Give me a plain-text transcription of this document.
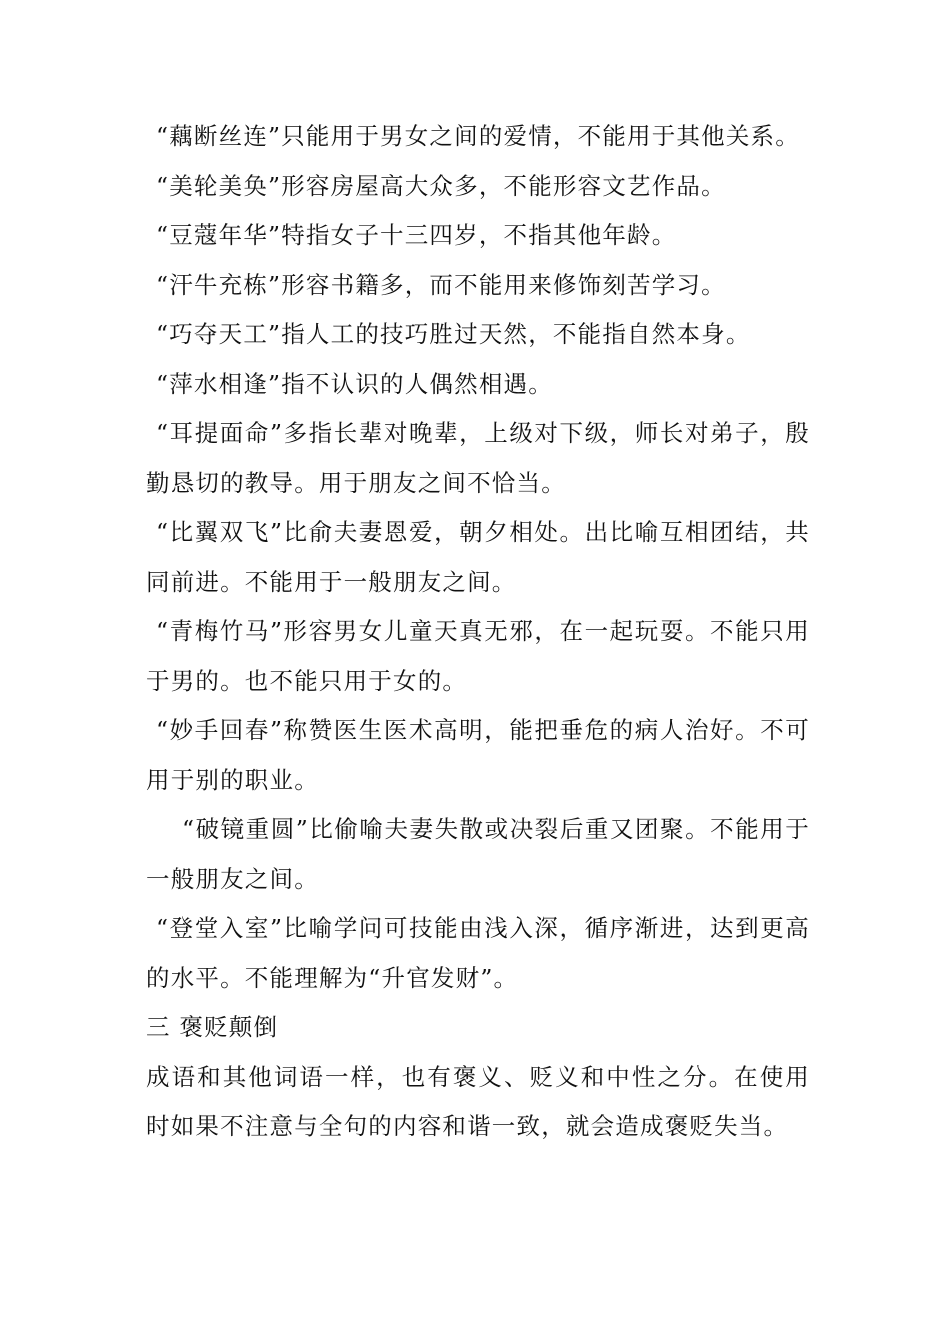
“藕断丝连”只能用于男女之间的爱情，不能用于其他关系。

“美轮美奂”形容房屋高大众多，不能形容文艺作品。

“豆蔻年华”特指女子十三四岁，不指其他年龄。

“汗牛充栋”形容书籍多，而不能用来修饰刻苦学习。

“巧夺天工”指人工的技巧胜过天然，不能指自然本身。

“萍水相逢”指不认识的人偶然相遇。

“耳提面命”多指长辈对晚辈，上级对下级，师长对弟子，殷勤恳切的教导。用于朋友之间不恰当。

“比翼双飞”比俞夫妻恩爱，朝夕相处。出比喻互相团结，共同前进。不能用于一般朋友之间。

“青梅竹马”形容男女儿童天真无邪，在一起玩耍。不能只用于男的。也不能只用于女的。

“妙手回春”称赞医生医术高明，能把垂危的病人治好。不可用于别的职业。

“破镜重圆”比偷喻夫妻失散或决裂后重又团聚。不能用于一般朋友之间。

“登堂入室”比喻学问可技能由浅入深，循序渐进，达到更高的水平。不能理解为“升官发财”。

三 褒贬颠倒

成语和其他词语一样，也有褒义、贬义和中性之分。在使用时如果不注意与全句的内容和谐一致，就会造成褒贬失当。
